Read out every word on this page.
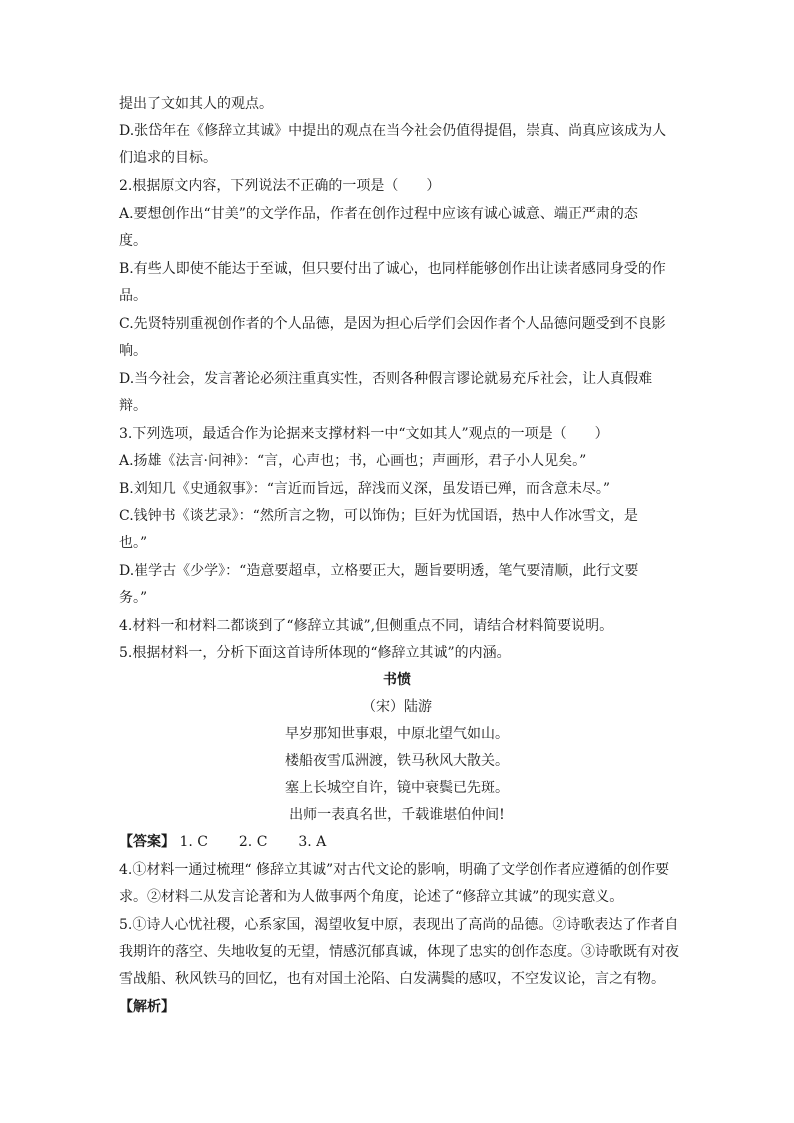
提出了文如其人的观点。
D.张岱年在《修辞立其诚》中提出的观点在当今社会仍值得提倡，崇真、尚真应该成为人
们追求的目标。
2.根据原文内容，下列说法不正确的一项是（　　）
A.要想创作出“甘美”的文学作品，作者在创作过程中应该有诚心诚意、端正严肃的态
度。
B.有些人即使不能达于至诚，但只要付出了诚心，也同样能够创作出让读者感同身受的作
品。
C.先贤特别重视创作者的个人品德，是因为担心后学们会因作者个人品德问题受到不良影
响。
D.当今社会，发言著论必须注重真实性，否则各种假言谬论就易充斥社会，让人真假难
辩。
3.下列选项，最适合作为论据来支撑材料一中“文如其人”观点的一项是（　　）
A.扬雄《法言·问神》：“言，心声也；书，心画也；声画形，君子小人见矣。”
B.刘知几《史通叙事》：“言近而旨远，辞浅而义深，虽发语已殚，而含意未尽。”
C.钱钟书《谈艺录》：“然所言之物，可以饰伪；巨奸为忧国语，热中人作冰雪文，是
也。”
D.崔学古《少学》：“造意要超卓，立格要正大，题旨要明透，笔气要清顺，此行文要
务。”
4.材料一和材料二都谈到了“修辞立其诚”,但侧重点不同，请结合材料简要说明。
5.根据材料一，分析下面这首诗所体现的“修辞立其诚”的内涵。
书愤
（宋）陆游
早岁那知世事艰，中原北望气如山。
楼船夜雪瓜洲渡，铁马秋风大散关。
塞上长城空自许，镜中衰鬓已先斑。
出师一表真名世，千载谁堪伯仲间!
【答案】 1. C 2. C 3. A
4.①材料一通过梳理“ 修辞立其诚”对古代文论的影响，明确了文学创作者应遵循的创作要
求。②材料二从发言论著和为人做事两个角度，论述了“修辞立其诚”的现实意义。
5.①诗人心忧社稷，心系家国，渴望收复中原，表现出了高尚的品德。②诗歌表达了作者自
我期许的落空、失地收复的无望，情感沉郁真诚，体现了忠实的创作态度。③诗歌既有对夜
雪战船、秋风铁马的回忆，也有对国土沦陷、白发满鬓的感叹，不空发议论，言之有物。
【解析】
